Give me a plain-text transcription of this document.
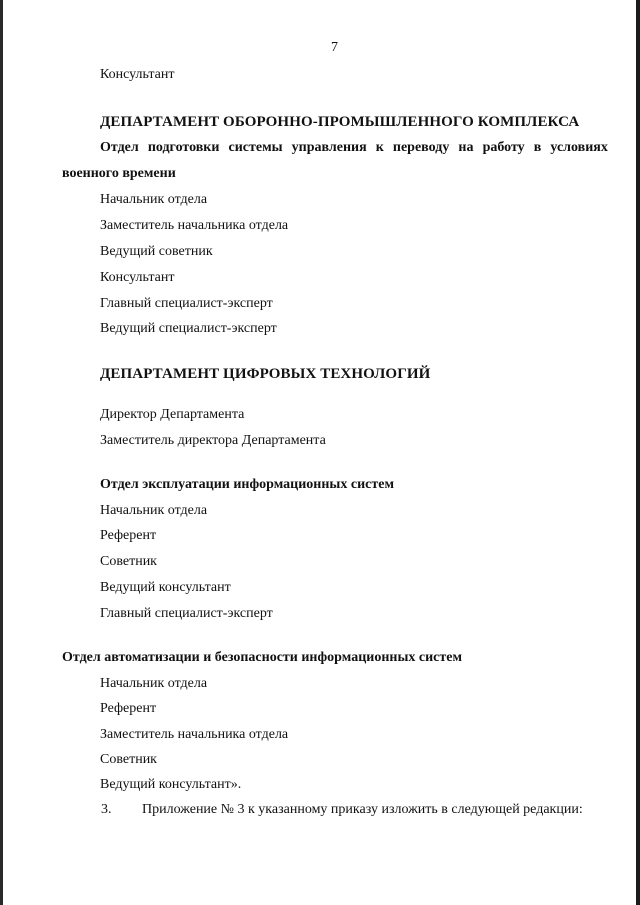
7
Консультант
ДЕПАРТАМЕНТ ОБОРОННО-ПРОМЫШЛЕННОГО КОМПЛЕКСА
Отдел подготовки системы управления к переводу на работу в условиях
военного времени
Начальник отдела
Заместитель начальника отдела
Ведущий советник
Консультант
Главный специалист-эксперт
Ведущий специалист-эксперт
ДЕПАРТАМЕНТ ЦИФРОВЫХ ТЕХНОЛОГИЙ
Директор Департамента
Заместитель директора Департамента
Отдел эксплуатации информационных систем
Начальник отдела
Референт
Советник
Ведущий консультант
Главный специалист-эксперт
Отдел автоматизации и безопасности информационных систем
Начальник отдела
Референт
Заместитель начальника отдела
Советник
Ведущий консультант».
3. Приложение № 3 к указанному приказу изложить в следующей редакции:
